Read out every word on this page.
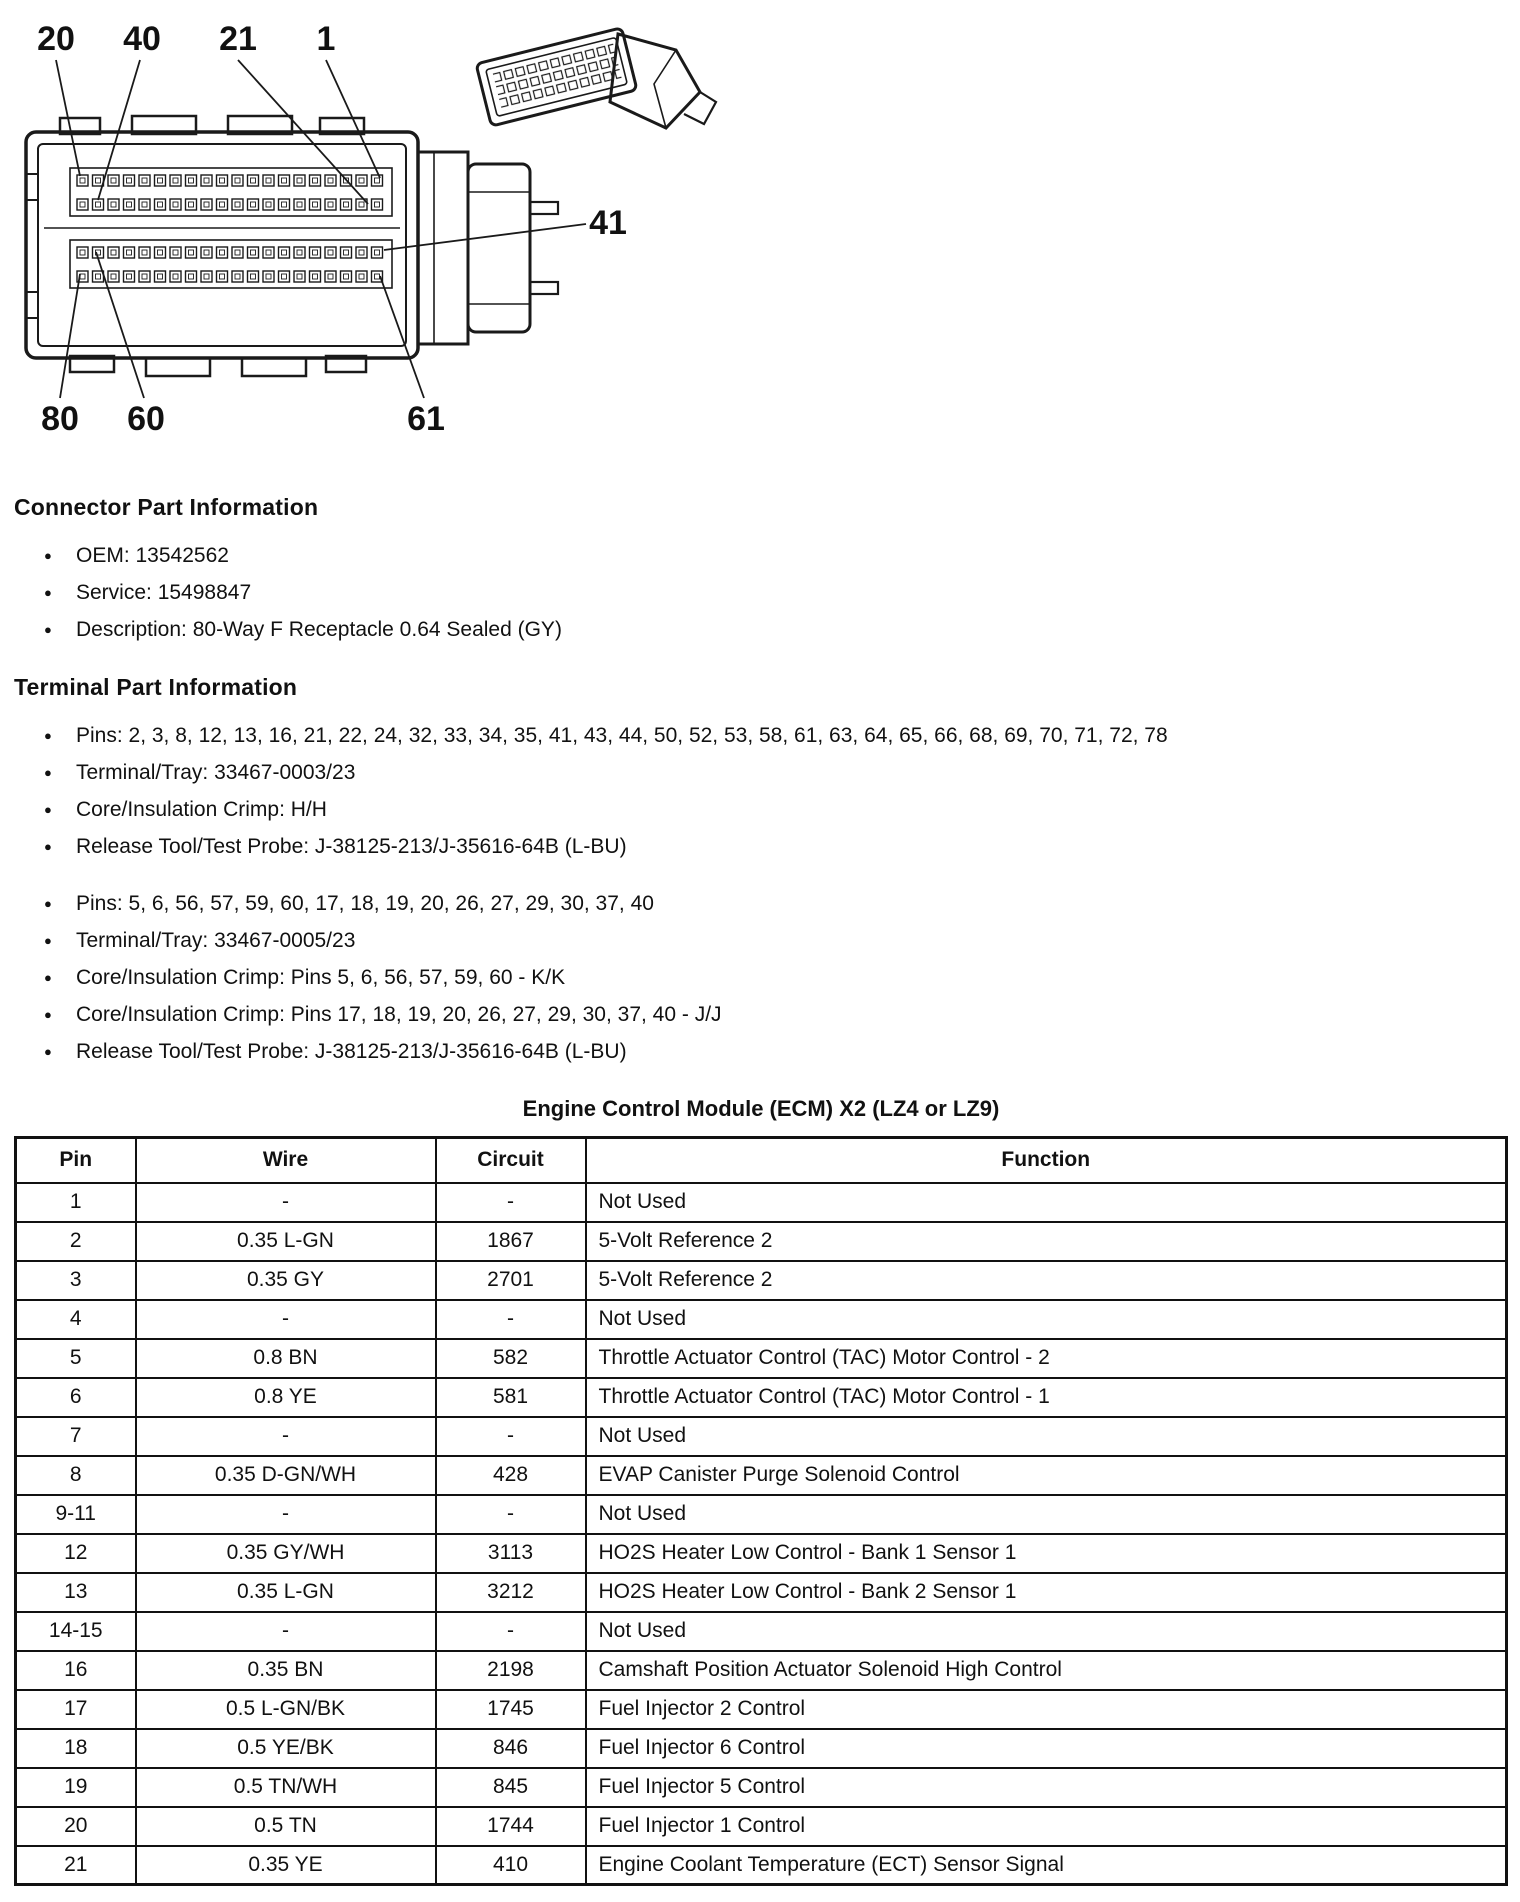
20 40 21 1
41
80 60	61
Connector Part Information
● OEM: 13542562
● Service: 15498847
● Description: 80-Way F Receptacle 0.64 Sealed (GY)
Terminal Part Information
● Pins: 2, 3, 8, 12, 13, 16, 21, 22, 24, 32, 33, 34, 35, 41, 43, 44, 50, 52, 53, 58, 61, 63, 64, 65, 66, 68, 69, 70, 71, 72, 78
● Terminal/Tray: 33467-0003/23
● Core/Insulation Crimp: H/H
● Release Tool/Test Probe: J-38125-213/J-35616-64B (L-BU)
● Pins: 5, 6, 56, 57, 59, 60, 17, 18, 19, 20, 26, 27, 29, 30, 37, 40
● Terminal/Tray: 33467-0005/23
● Core/Insulation Crimp: Pins 5, 6, 56, 57, 59, 60 - K/K
● Core/Insulation Crimp: Pins 17, 18, 19, 20, 26, 27, 29, 30, 37, 40 - J/J
● Release Tool/Test Probe: J-38125-213/J-35616-64B (L-BU)
Engine Control Module (ECM) X2 (LZ4 or LZ9)
Pin	Wire	Circuit	Function
1	-	-	Not Used
2	0.35 L-GN	1867	5-Volt Reference 2
3	0.35 GY	2701	5-Volt Reference 2
4	-	-	Not Used
5	0.8 BN	582	Throttle Actuator Control (TAC) Motor Control - 2
6	0.8 YE	581	Throttle Actuator Control (TAC) Motor Control - 1
7	-	-	Not Used
8	0.35 D-GN/WH	428	EVAP Canister Purge Solenoid Control
9-11	-	-	Not Used
12	0.35 GY/WH	3113	HO2S Heater Low Control - Bank 1 Sensor 1
13	0.35 L-GN	3212	HO2S Heater Low Control - Bank 2 Sensor 1
14-15	-	-	Not Used
16	0.35 BN	2198	Camshaft Position Actuator Solenoid High Control
17	0.5 L-GN/BK	1745	Fuel Injector 2 Control
18	0.5 YE/BK	846	Fuel Injector 6 Control
19	0.5 TN/WH	845	Fuel Injector 5 Control
20	0.5 TN	1744	Fuel Injector 1 Control
21	0.35 YE	410	Engine Coolant Temperature (ECT) Sensor Signal
